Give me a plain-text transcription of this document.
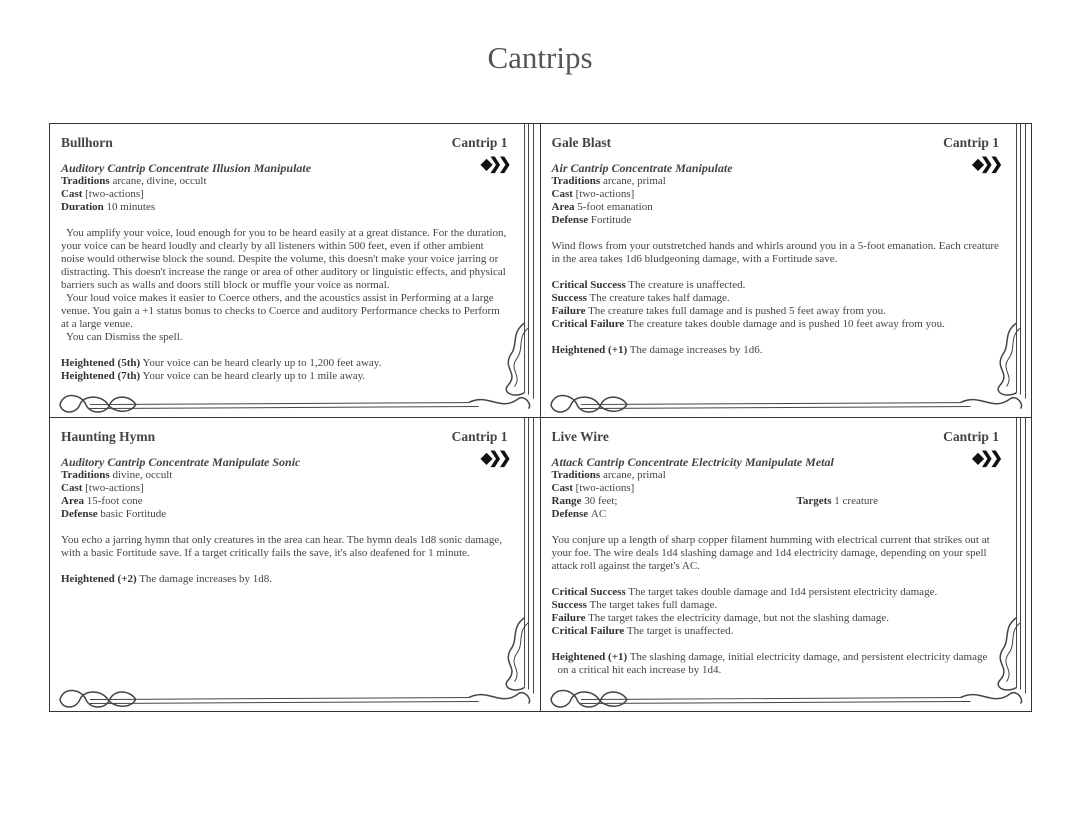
Cantrips
Bullhorn	Cantrip 1
Auditory Cantrip Concentrate Illusion Manipulate
Traditions
arcane, divine, occult
Cast
[two-actions]
Duration
10 minutes
You amplify your voice, loud enough for you to be heard easily at a great distance. For the duration, your voice can be heard loudly and clearly by all listeners within 500 feet, even if other ambient noise would otherwise block the sound. Despite the volume, this doesn't make your voice jarring or distracting. This doesn't increase the range or area of other auditory or linguistic effects, and physical barriers such as walls and doors still block or muffle your voice as normal.
Your loud voice makes it easier to Coerce others, and the acoustics assist in Performing at a large venue. You gain a +1 status bonus to checks to Coerce and auditory Performance checks to Perform at a large venue.
You can Dismiss the spell.
Heightened (5th) Your voice can be heard clearly up to 1,200 feet away.
Heightened (7th) Your voice can be heard clearly up to 1 mile away.
◆❯❯
Gale Blast	Cantrip 1
Air Cantrip Concentrate Manipulate
Traditions
arcane, primal
Cast
[two-actions]
Area
5-foot emanation
Defense
Fortitude
Wind flows from your outstretched hands and whirls around you in a 5-foot emanation. Each creature in the area takes 1d6 bludgeoning damage, with a Fortitude save.
Critical Success The creature is unaffected.
Success The creature takes half damage.
Failure The creature takes full damage and is pushed 5 feet away from you.
Critical Failure The creature takes double damage and is pushed 10 feet away from you.
Heightened (+1) The damage increases by 1d6.
◆❯❯
Haunting Hymn	Cantrip 1
Auditory Cantrip Concentrate Manipulate Sonic
Traditions
divine, occult
Cast
[two-actions]
Area
15-foot cone
Defense
basic Fortitude
You echo a jarring hymn that only creatures in the area can hear. The hymn deals 1d8 sonic damage, with a basic Fortitude save. If a target critically fails the save, it's also deafened for 1 minute.
Heightened (+2) The damage increases by 1d8.
◆❯❯
Live Wire	Cantrip 1
Attack Cantrip Concentrate Electricity Manipulate Metal
Traditions
arcane, primal
Cast
[two-actions]
Range
30 feet;	Targets 1 creature
Defense
AC
You conjure up a length of sharp copper filament humming with electrical current that strikes out at your foe. The wire deals 1d4 slashing damage and 1d4 electricity damage, depending on your spell attack roll against the target's AC.
Critical Success The target takes double damage and 1d4 persistent electricity damage.
Success The target takes full damage.
Failure The target takes the electricity damage, but not the slashing damage.
Critical Failure The target is unaffected.
Heightened (+1) The slashing damage, initial electricity damage, and persistent electricity damage on a critical hit each increase by 1d4.
◆❯❯
